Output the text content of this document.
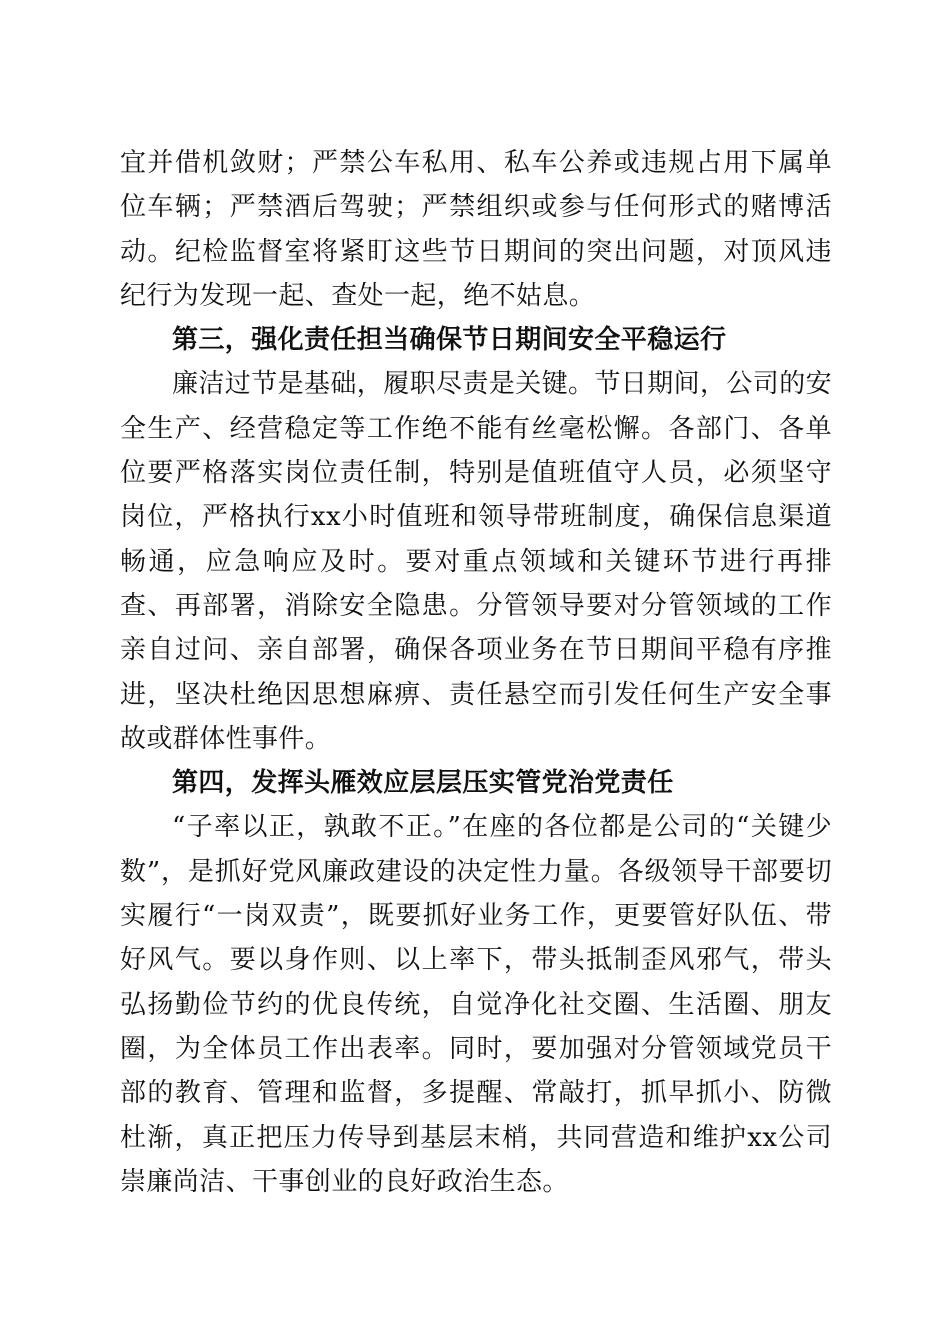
宜并借机敛财；严禁公车私用、私车公养或违规占用下属单位车辆；严禁酒后驾驶；严禁组织或参与任何形式的赌博活动。纪检监督室将紧盯这些节日期间的突出问题，对顶风违纪行为发现一起、查处一起，绝不姑息。

第三，强化责任担当确保节日期间安全平稳运行

廉洁过节是基础，履职尽责是关键。节日期间，公司的安全生产、经营稳定等工作绝不能有丝毫松懈。各部门、各单位要严格落实岗位责任制，特别是值班值守人员，必须坚守岗位，严格执行xx小时值班和领导带班制度，确保信息渠道畅通，应急响应及时。要对重点领域和关键环节进行再排查、再部署，消除安全隐患。分管领导要对分管领域的工作亲自过问、亲自部署，确保各项业务在节日期间平稳有序推进，坚决杜绝因思想麻痹、责任悬空而引发任何生产安全事故或群体性事件。

第四，发挥头雁效应层层压实管党治党责任

“子率以正，孰敢不正。”在座的各位都是公司的“关键少数”，是抓好党风廉政建设的决定性力量。各级领导干部要切实履行“一岗双责”，既要抓好业务工作，更要管好队伍、带好风气。要以身作则、以上率下，带头抵制歪风邪气，带头弘扬勤俭节约的优良传统，自觉净化社交圈、生活圈、朋友圈，为全体员工作出表率。同时，要加强对分管领域党员干部的教育、管理和监督，多提醒、常敲打，抓早抓小、防微杜渐，真正把压力传导到基层末梢，共同营造和维护xx公司崇廉尚洁、干事创业的良好政治生态。
